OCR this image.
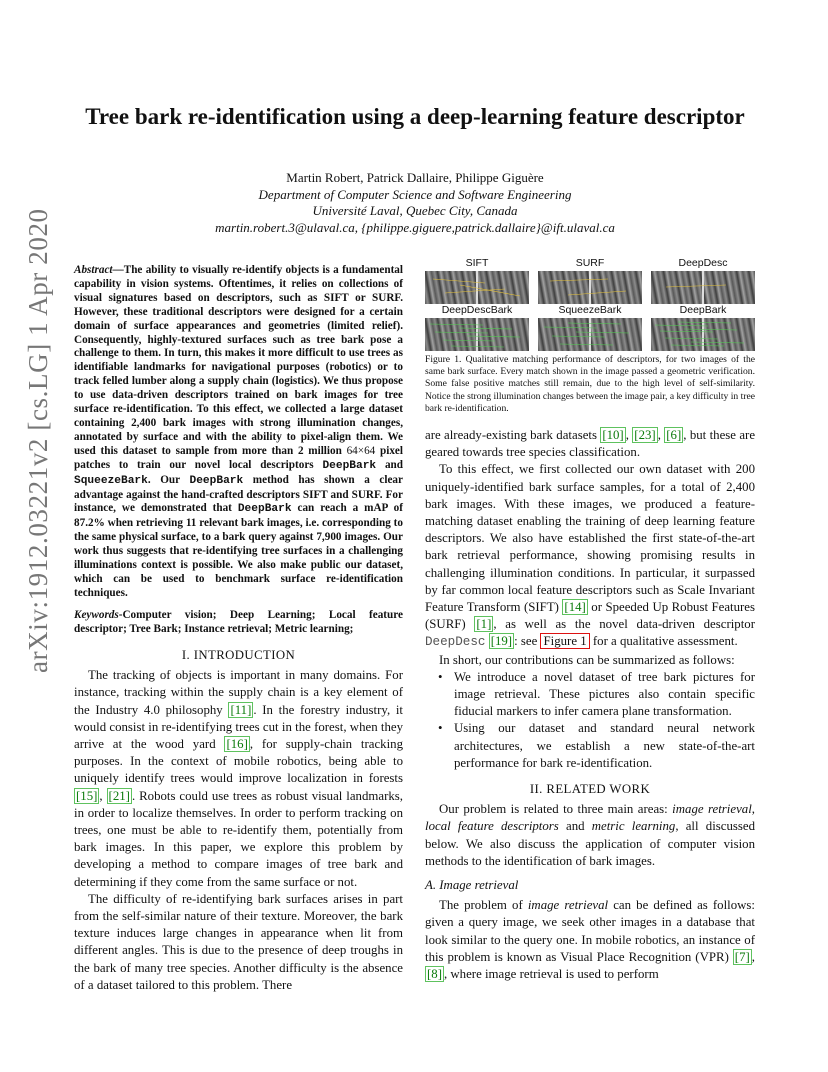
arXiv:1912.03221v2 [cs.LG] 1 Apr 2020
Tree bark re-identification using a deep-learning feature descriptor
Martin Robert, Patrick Dallaire, Philippe Giguère
Department of Computer Science and Software Engineering
Université Laval, Quebec City, Canada
martin.robert.3@ulaval.ca, {philippe.giguere,patrick.dallaire}@ift.ulaval.ca
Abstract—The ability to visually re-identify objects is a fundamental capability in vision systems. Oftentimes, it relies on collections of visual signatures based on descriptors, such as SIFT or SURF. However, these traditional descriptors were designed for a certain domain of surface appearances and geometries (limited relief). Consequently, highly-textured surfaces such as tree bark pose a challenge to them. In turn, this makes it more difficult to use trees as identifiable landmarks for navigational purposes (robotics) or to track felled lumber along a supply chain (logistics). We thus propose to use data-driven descriptors trained on bark images for tree surface re-identification. To this effect, we collected a large dataset containing 2,400 bark images with strong illumination changes, annotated by surface and with the ability to pixel-align them. We used this dataset to sample from more than 2 million 64×64 pixel patches to train our novel local descriptors DeepBark and SqueezeBark. Our DeepBark method has shown a clear advantage against the hand-crafted descriptors SIFT and SURF. For instance, we demonstrated that DeepBark can reach a mAP of 87.2% when retrieving 11 relevant bark images, i.e. corresponding to the same physical surface, to a bark query against 7,900 images. Our work thus suggests that re-identifying tree surfaces in a challenging illuminations context is possible. We also make public our dataset, which can be used to benchmark surface re-identification techniques.
Keywords-Computer vision; Deep Learning; Local feature descriptor; Tree Bark; Instance retrieval; Metric learning;
I. INTRODUCTION

The tracking of objects is important in many domains. For instance, tracking within the supply chain is a key element of the Industry 4.0 philosophy [11] . In the forestry industry, it would consist in re-identifying trees cut in the forest, when they arrive at the wood yard [16] , for supply-chain tracking purposes. In the context of mobile robotics, being able to uniquely identify trees would improve localization in forests [15] , [21] . Robots could use trees as robust visual landmarks, in order to localize themselves. In order to perform tracking on trees, one must be able to re-identify them, potentially from bark images. In this paper, we explore this problem by developing a method to compare images of tree bark and determining if they come from the same surface or not.

The difficulty of re-identifying bark surfaces arises in part from the self-similar nature of their texture. Moreover, the bark texture induces large changes in appearance when lit from different angles. This is due to the presence of deep troughs in the bark of many tree species. Another difficulty is the absence of a dataset tailored to this problem. There

SIFT	SURF	DeepDesc
DeepDescBark	SqueezeBark	DeepBark
Figure 1. Qualitative matching performance of descriptors, for two images of the same bark surface. Every match shown in the image passed a geometric verification. Some false positive matches still remain, due to the high level of self-similarity. Notice the strong illumination changes between the image pair, a key difficulty in tree bark re-identification.

are already-existing bark datasets [10] , [23] , [6] , but these are geared towards tree species classification.

To this effect, we first collected our own dataset with 200 uniquely-identified bark surface samples, for a total of 2,400 bark images. With these images, we produced a feature-matching dataset enabling the training of deep learning feature descriptors. We also have established the first state-of-the-art bark retrieval performance, showing promising results in challenging illumination conditions. In particular, it surpassed by far common local feature descriptors such as Scale Invariant Feature Transform (SIFT) [14] or Speeded Up Robust Features (SURF) [1] , as well as the novel data-driven descriptor DeepDesc [19] : see Figure 1 for a qualitative assessment.

In short, our contributions can be summarized as follows:

• We introduce a novel dataset of tree bark pictures for image retrieval. These pictures also contain specific fiducial markers to infer camera plane transformation.
• Using our dataset and standard neural network architectures, we establish a new state-of-the-art performance for bark re-identification.
II. RELATED WORK

Our problem is related to three main areas: image retrieval, local feature descriptors and metric learning, all discussed below. We also discuss the application of computer vision methods to the identification of bark images.

A. Image retrieval

The problem of image retrieval can be defined as follows: given a query image, we seek other images in a database that look similar to the query one. In mobile robotics, an instance of this problem is known as Visual Place Recognition (VPR) [7] , [8] , where image retrieval is used to perform
